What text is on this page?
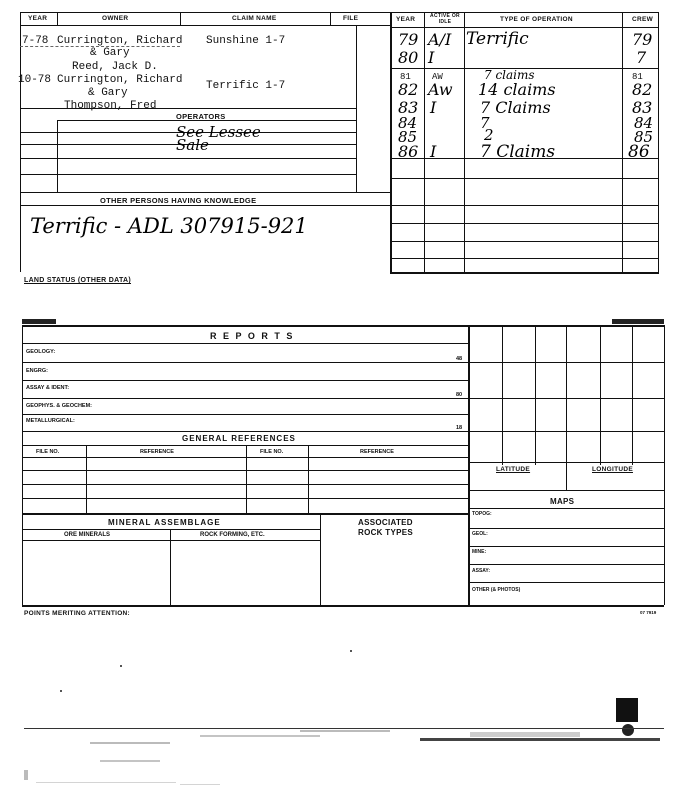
YEAR	OWNER	CLAIM NAME	FILE
7-78 Currington, Richard Sunshine 1-7
& Gary
Reed, Jack D.
10-78 Currington, Richard Terrific 1-7
& Gary
Thompson, Fred
OPERATORS
See Lessee Sale
OTHER PERSONS HAVING KNOWLEDGE
Terrific - ADL 307915-921
YEAR	ACTIVE OR IDLE	TYPE OF OPERATION	CREW
79 A/I Terrific	79
80 I	7
81 AW	7 claims	81
82 Aw 14 claims	82
83 I	7 Claims	83
84	7	84
85	2	85
86 I	7 Claims	86
LAND STATUS (OTHER DATA)
R E P O R T S
GEOLOGY:
48
ENGRG:
ASSAY & IDENT:
80
GEOPHYS. & GEOCHEM:
METALLURGICAL:
18
GENERAL REFERENCES
FILE NO.	REFERENCE	FILE NO.	REFERENCE
MINERAL ASSEMBLAGE
ORE MINERALS	ROCK FORMING, ETC.
ASSOCIATED
ROCK TYPES
LATITUDE	LONGITUDE
MAPS
TOPOG:
GEOL:
MINE:
ASSAY:
OTHER (& PHOTOS)
POINTS MERITING ATTENTION:	07 7919
